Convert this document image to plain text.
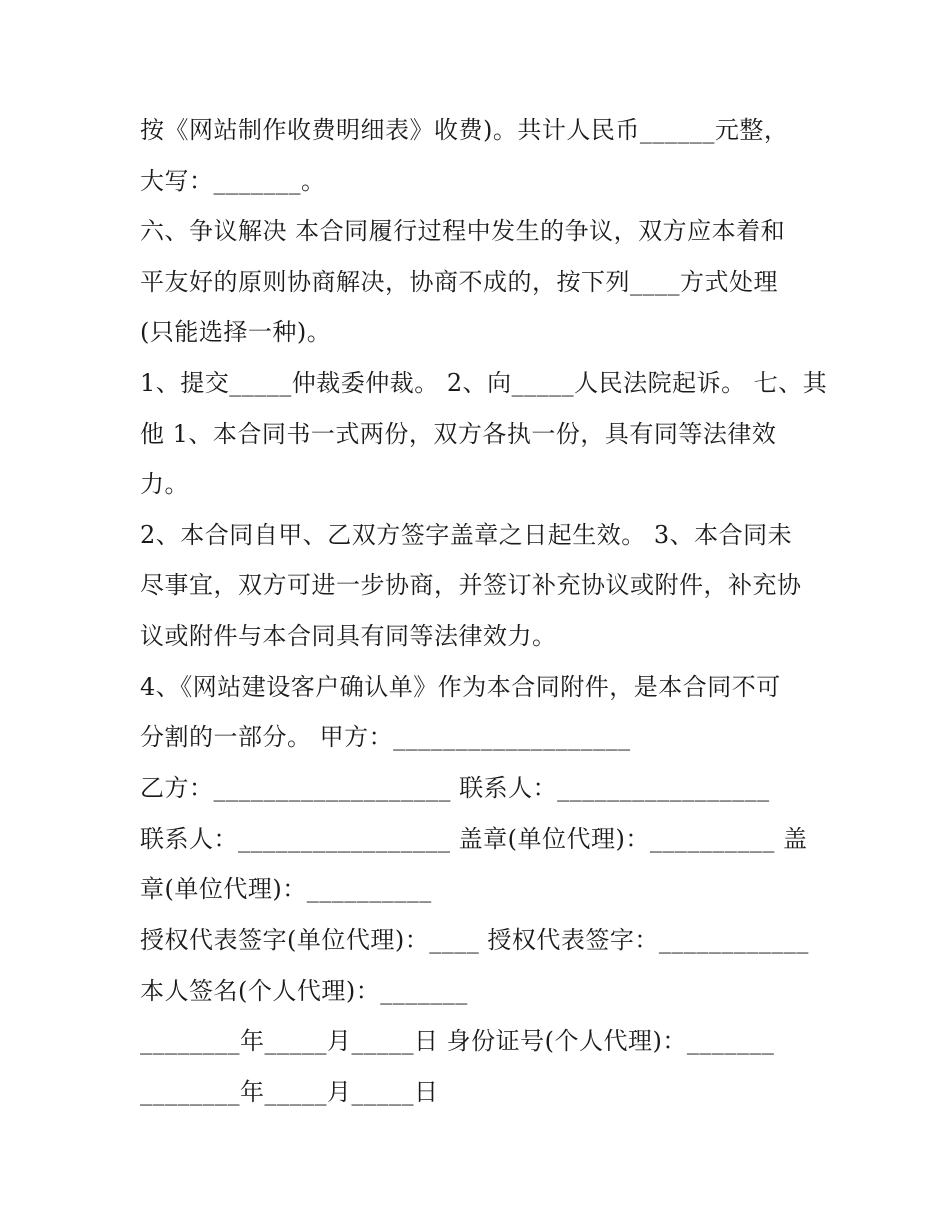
按《网站制作收费明细表》收费)。共计人民币______元整，
大写：_______。
六、争议解决 本合同履行过程中发生的争议，双方应本着和
平友好的原则协商解决，协商不成的，按下列____方式处理
(只能选择一种)。
1、提交_____仲裁委仲裁。 2、向_____人民法院起诉。 七、其
他 1、本合同书一式两份，双方各执一份，具有同等法律效
力。
2、本合同自甲、乙双方签字盖章之日起生效。 3、本合同未
尽事宜，双方可进一步协商，并签订补充协议或附件，补充协
议或附件与本合同具有同等法律效力。
4、《网站建设客户确认单》作为本合同附件，是本合同不可
分割的一部分。 甲方：___________________
乙方：___________________ 联系人：_________________
联系人：_________________ 盖章(单位代理)：__________ 盖
章(单位代理)：__________
授权代表签字(单位代理)：____ 授权代表签字：____________
本人签名(个人代理)：_______
________年_____月_____日 身份证号(个人代理)：_______
________年_____月_____日
